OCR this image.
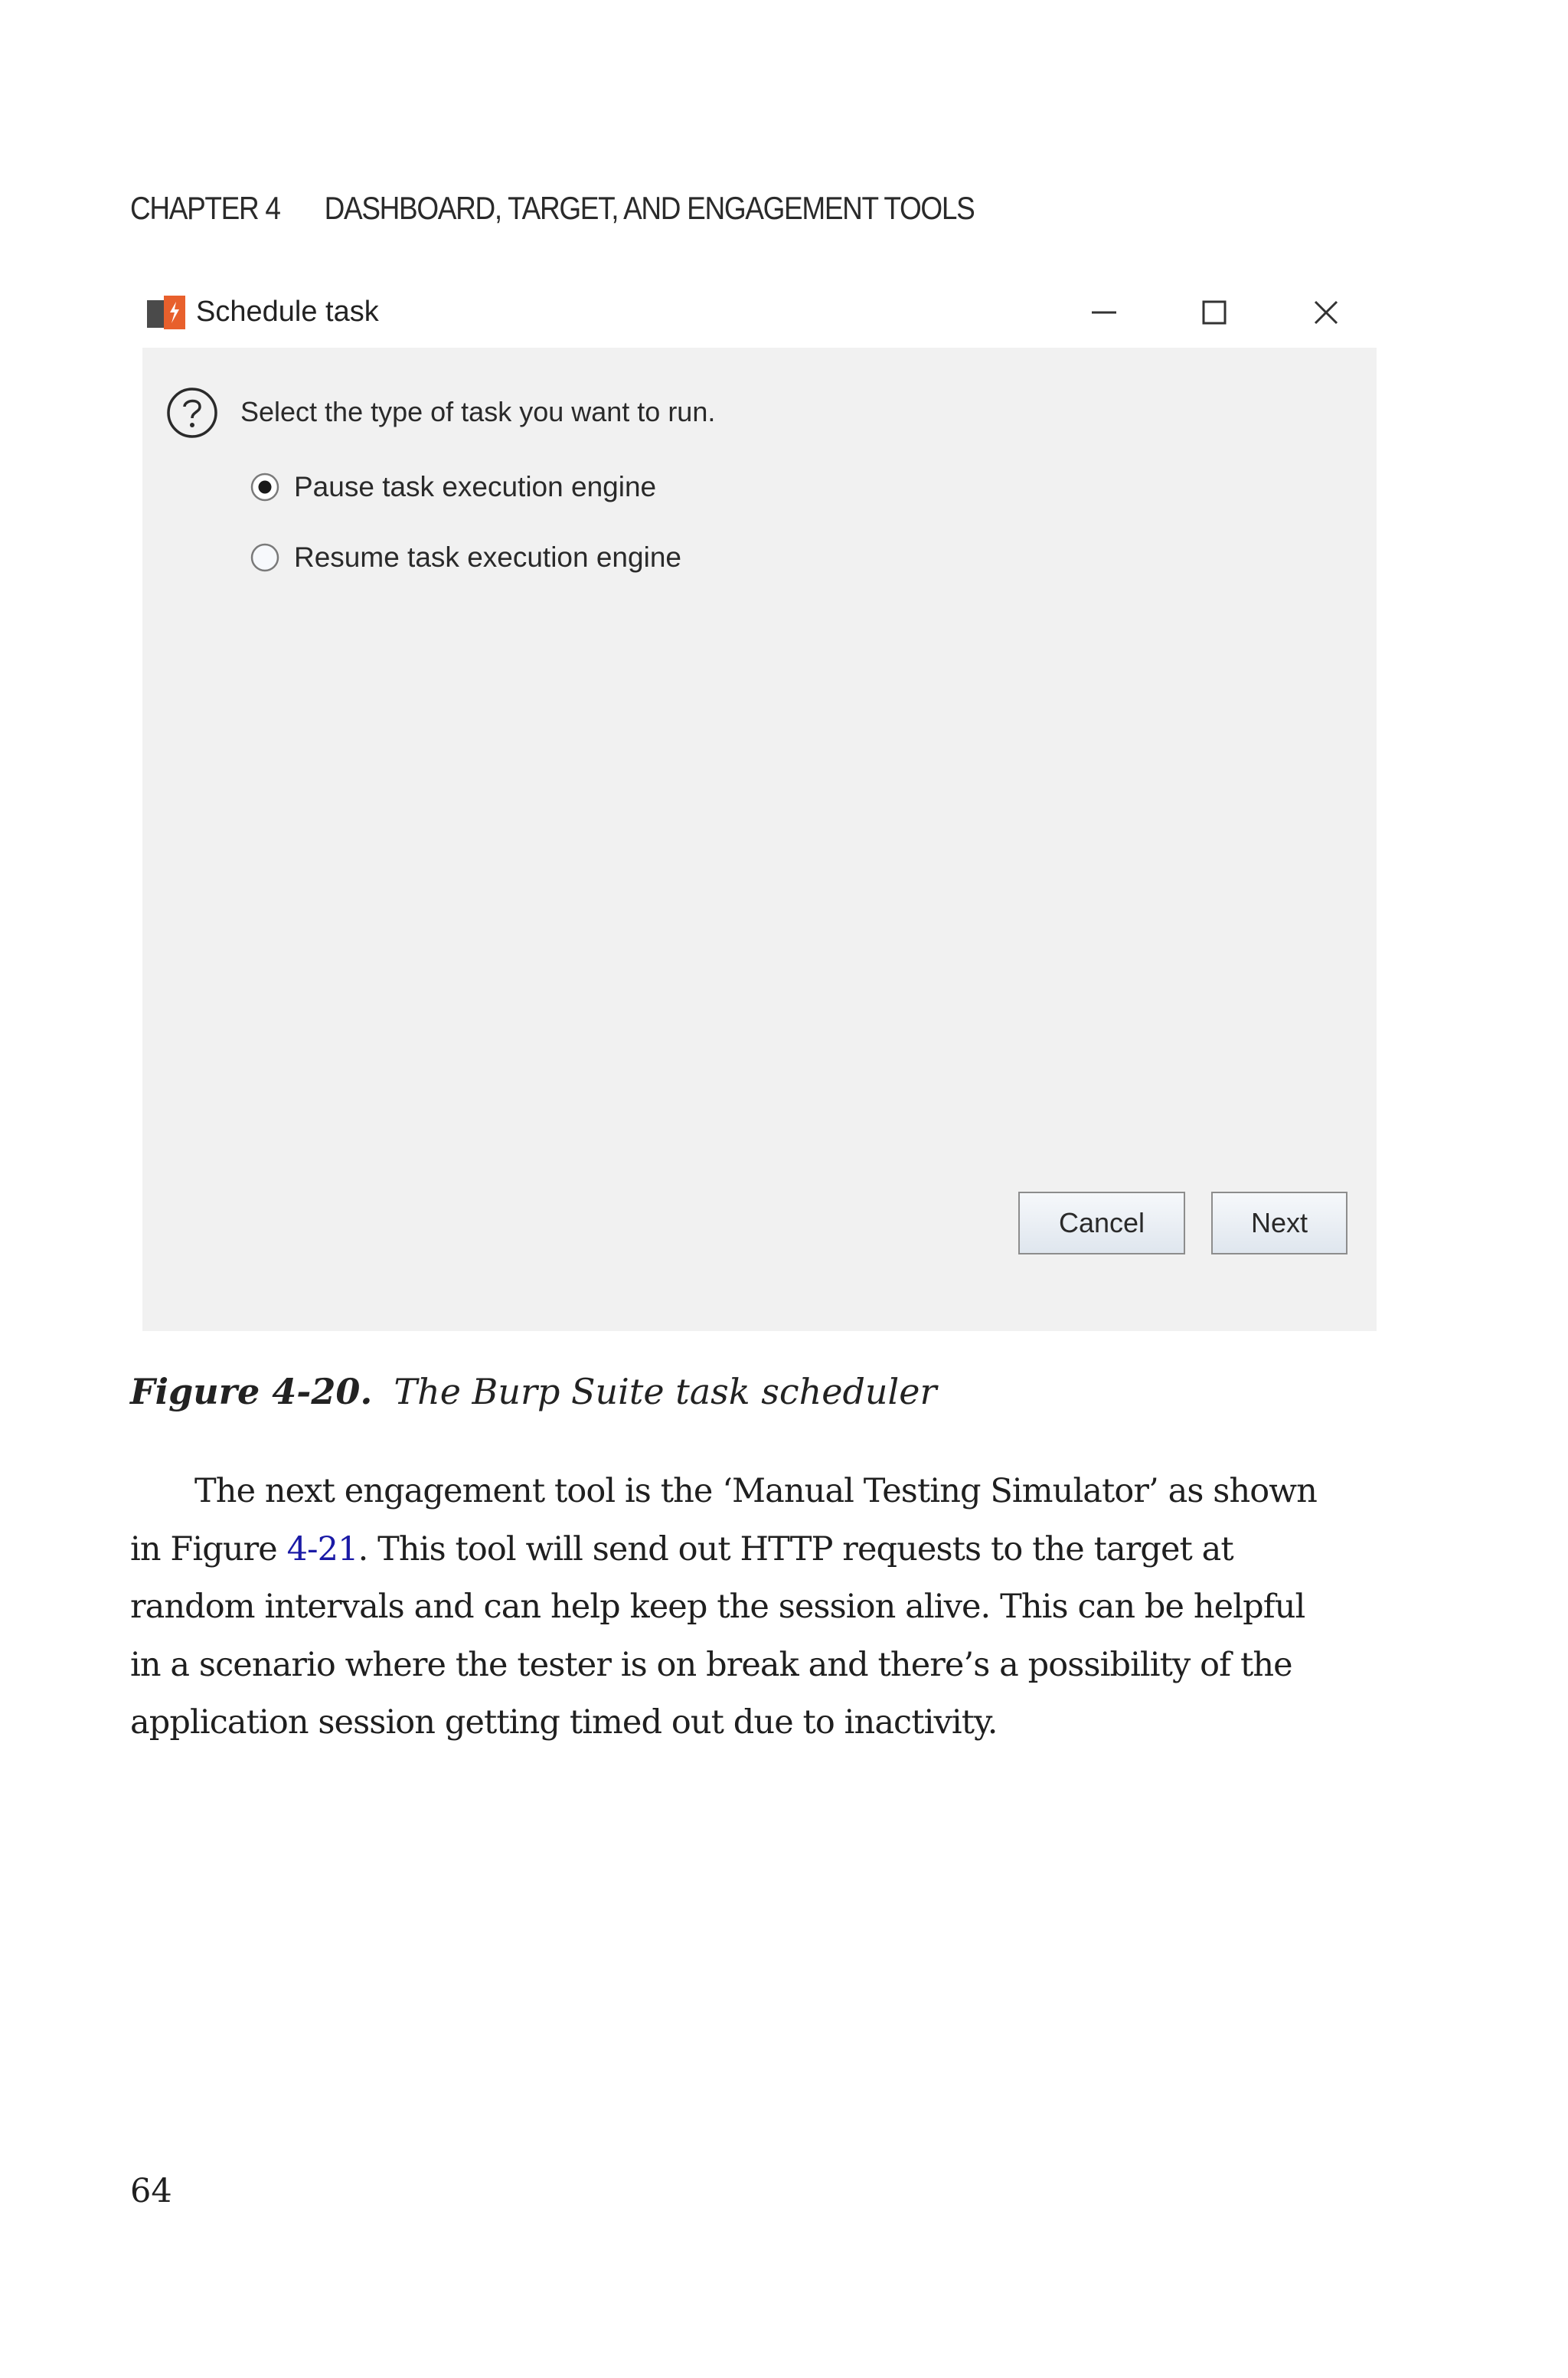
CHAPTER 4 DASHBOARD, TARGET, AND ENGAGEMENT TOOLS
Schedule task
Select the type of task you want to run.
Pause task execution engine
Resume task execution engine
Cancel	Next
Figure 4-20. The Burp Suite task scheduler
The next engagement tool is the ‘Manual Testing Simulator’ as shown
in Figure 4-21. This tool will send out HTTP requests to the target at
random intervals and can help keep the session alive. This can be helpful
in a scenario where the tester is on break and there’s a possibility of the
application session getting timed out due to inactivity.
64
